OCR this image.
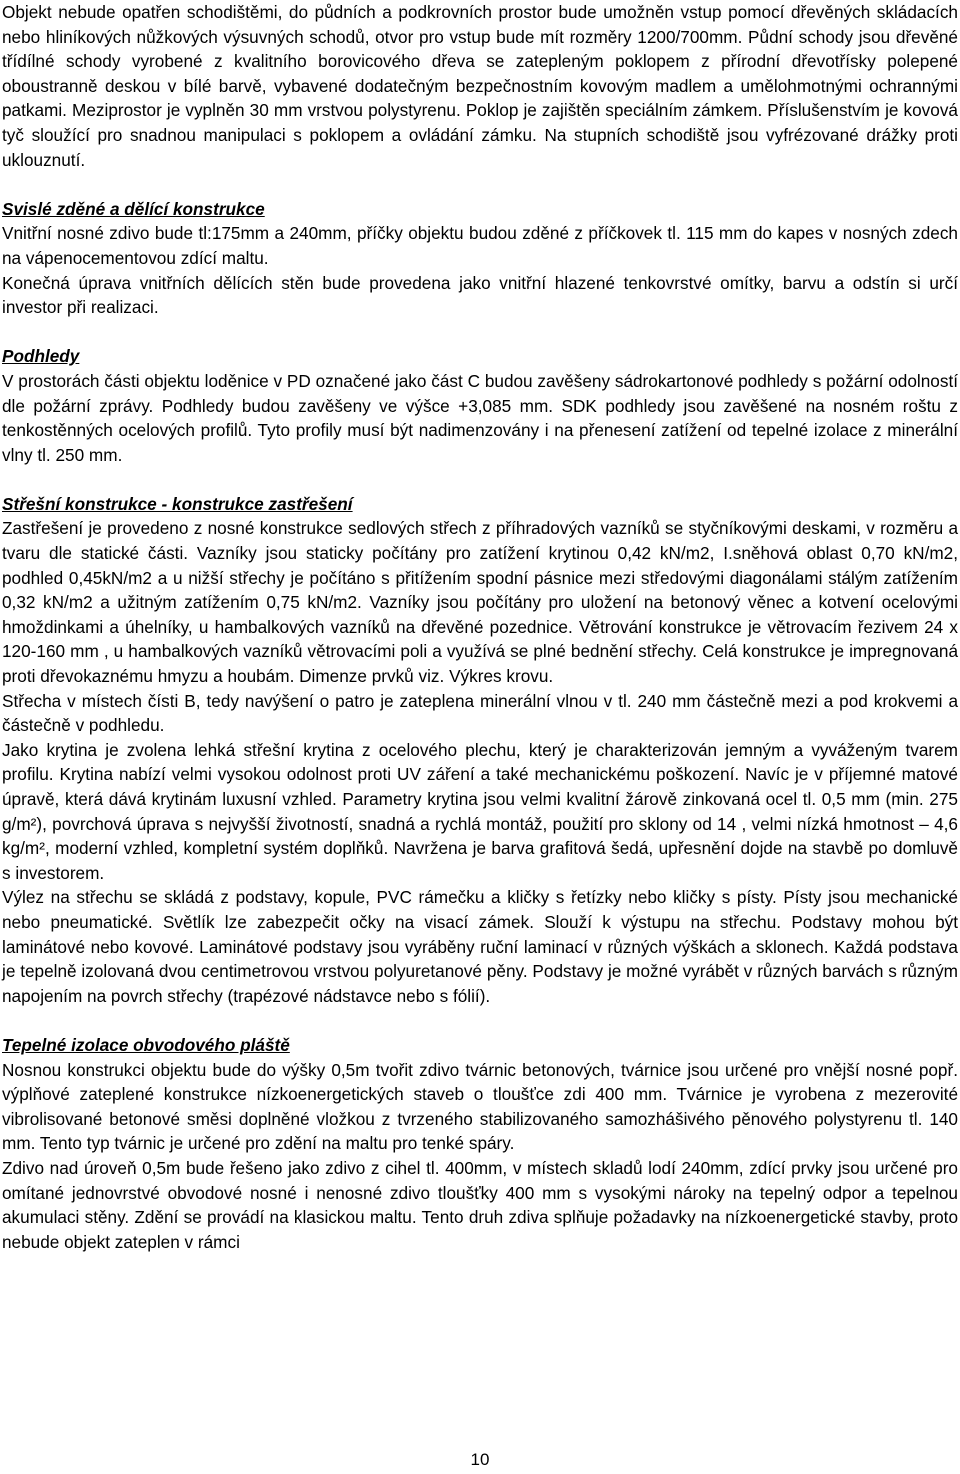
Objekt nebude opatřen schodištěmi, do půdních a podkrovních prostor bude umožněn vstup pomocí dřevěných skládacích nebo hliníkových nůžkových výsuvných schodů, otvor pro vstup bude mít rozměry 1200/700mm. Půdní schody jsou dřevěné třídílné schody vyrobené z kvalitního borovicového dřeva se zatepleným poklopem z přírodní dřevotřísky polepené oboustranně deskou v bílé barvě, vybavené dodatečným bezpečnostním kovovým madlem a umělohmotnými ochrannými patkami. Meziprostor je vyplněn 30 mm vrstvou polystyrenu. Poklop je zajištěn speciálním zámkem. Příslušenstvím je kovová tyč sloužící pro snadnou manipulaci s poklopem a ovládání zámku. Na stupních schodiště jsou vyfrézované drážky proti uklouznutí.

Svislé zděné a dělící konstrukce

Vnitřní nosné zdivo bude tl:175mm a 240mm, příčky objektu budou zděné z příčkovek tl. 115 mm do kapes v nosných zdech na vápenocementovou zdící maltu.

Konečná úprava vnitřních dělících stěn bude provedena jako vnitřní hlazené tenkovrstvé omítky, barvu a odstín si určí investor při realizaci.

Podhledy

V prostorách části objektu loděnice v PD označené jako část C budou zavěšeny sádrokartonové podhledy s požární odolností dle požární zprávy. Podhledy budou zavěšeny ve výšce +3,085 mm. SDK podhledy jsou zavěšené na nosném roštu z tenkostěnných ocelových profilů. Tyto profily musí být nadimenzovány i na přenesení zatížení od tepelné izolace z minerální vlny tl. 250 mm.

Střešní konstrukce - konstrukce zastřešení

Zastřešení je provedeno z nosné konstrukce sedlových střech z příhradových vazníků se styčníkovými deskami, v rozměru a tvaru dle statické části. Vazníky jsou staticky počítány pro zatížení krytinou 0,42 kN/m2, I.sněhová oblast 0,70 kN/m2, podhled 0,45kN/m2 a u nižší střechy je počítáno s přitížením spodní pásnice mezi středovými diagonálami stálým zatížením 0,32 kN/m2 a užitným zatížením 0,75 kN/m2. Vazníky jsou počítány pro uložení na betonový věnec a kotvení ocelovými hmoždinkami a úhelníky, u hambalkových vazníků na dřevěné pozednice. Větrování konstrukce je větrovacím řezivem 24 x 120-160 mm , u hambalkových vazníků větrovacími poli a využívá se plné bednění střechy. Celá konstrukce je impregnovaná proti dřevokaznému hmyzu a houbám. Dimenze prvků viz. Výkres krovu.

Střecha v místech čísti B, tedy navýšení o patro je zateplena minerální vlnou v tl. 240 mm částečně mezi a pod krokvemi a částečně v podhledu.

Jako krytina je zvolena lehká střešní krytina z ocelového plechu, který je charakterizován jemným a vyváženým tvarem profilu. Krytina nabízí velmi vysokou odolnost proti UV záření a také mechanickému poškození. Navíc je v příjemné matové úpravě, která dává krytinám luxusní vzhled. Parametry krytina jsou velmi kvalitní žárově zinkovaná ocel tl. 0,5 mm (min. 275 g/m²), povrchová úprava s nejvyšší životností, snadná a rychlá montáž, použití pro sklony od 14 , velmi nízká hmotnost – 4,6 kg/m², moderní vzhled, kompletní systém doplňků. Navržena je barva grafitová šedá, upřesnění dojde na stavbě po domluvě s investorem.

Výlez na střechu se skládá z podstavy, kopule, PVC rámečku a kličky s řetízky nebo kličky s písty. Písty jsou mechanické nebo pneumatické. Světlík lze zabezpečit očky na visací zámek. Slouží k výstupu na střechu. Podstavy mohou být laminátové nebo kovové. Laminátové podstavy jsou vyráběny ruční laminací v různých výškách a sklonech. Každá podstava je tepelně izolovaná dvou centimetrovou vrstvou polyuretanové pěny. Podstavy je možné vyrábět v různých barvách s různým napojením na povrch střechy (trapézové nádstavce nebo s fólií).

Tepelné izolace obvodového pláště

Nosnou konstrukci objektu bude do výšky 0,5m tvořit zdivo tvárnic betonových, tvárnice jsou určené pro vnější nosné popř. výplňové zateplené konstrukce nízkoenergetických staveb o tloušťce zdi 400 mm. Tvárnice je vyrobena z mezerovité vibrolisované betonové směsi doplněné vložkou z tvrzeného stabilizovaného samozhášivého pěnového polystyrenu tl. 140 mm. Tento typ tvárnic je určené pro zdění na maltu pro tenké spáry.

Zdivo nad úroveň 0,5m bude řešeno jako zdivo z cihel tl. 400mm, v místech skladů lodí 240mm, zdící prvky jsou určené pro omítané jednovrstvé obvodové nosné i nenosné zdivo tloušťky 400 mm s vysokými nároky na tepelný odpor a tepelnou akumulaci stěny. Zdění se provádí na klasickou maltu. Tento druh zdiva splňuje požadavky na nízkoenergetické stavby, proto nebude objekt zateplen v rámci

10
